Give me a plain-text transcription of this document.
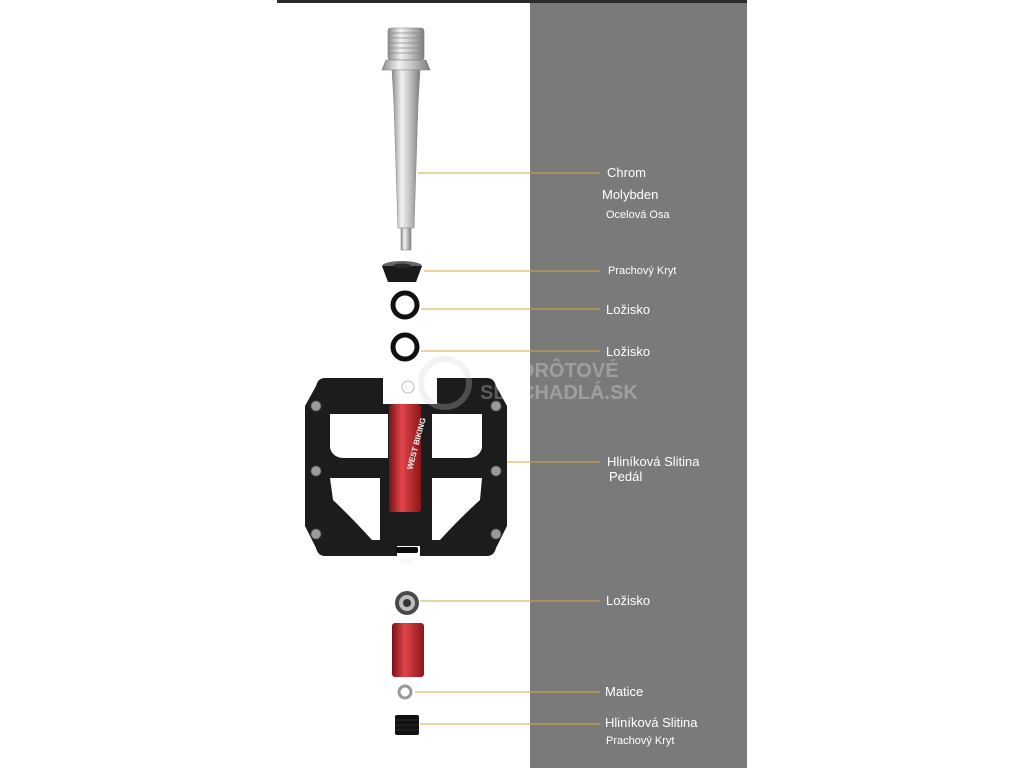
L
WEST BIKING
CNC
BEZDRÔTOVÉ
SLÚCHADLÁ.SK
Chrom
Molybden
Ocelová Osa
Prachový Kryt
Ložisko
Ložisko
Hliníková Slitina
Pedál
Ložisko
Matice
Hliníková Slitina
Prachový Kryt
